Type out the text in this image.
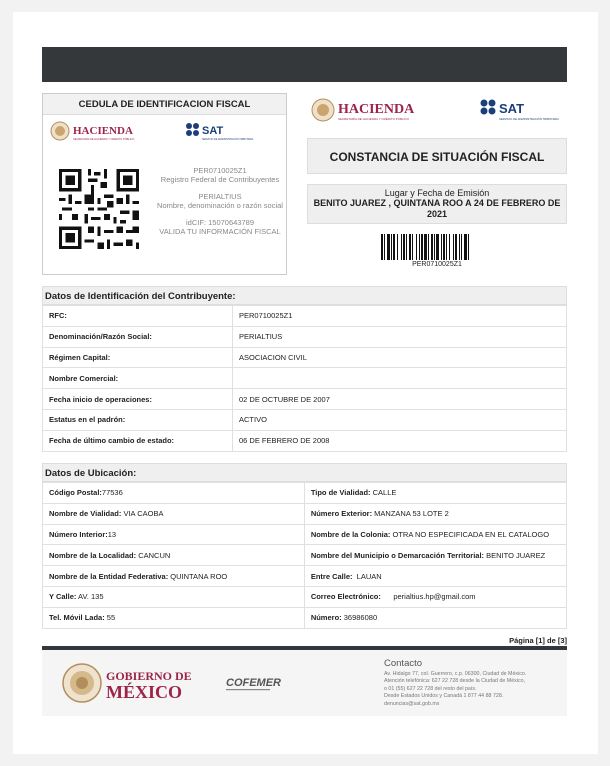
CEDULA DE IDENTIFICACION FISCAL
HACIENDA
SECRETARÍA DE HACIENDA Y CRÉDITO PÚBLICO
SAT
SERVICIO DE ADMINISTRACIÓN TRIBUTARIA
PER0710025Z1
Registro Federal de Contribuyentes
PERIALTIUS
Nombre, denominación o razón social
idCIF: 15070643789
VALIDA TU INFORMACIÓN FISCAL
HACIENDA
SECRETARÍA DE HACIENDA Y CRÉDITO PÚBLICO
SAT
SERVICIO DE ADMINISTRACIÓN TRIBUTARIA
CONSTANCIA DE SITUACIÓN FISCAL
Lugar y Fecha de Emisión
BENITO JUAREZ , QUINTANA ROO A 24 DE FEBRERO DE 2021
PER0710025Z1
Datos de Identificación del Contribuyente:
RFC:	PER0710025Z1
Denominación/Razón Social:	PERIALTIUS
Régimen Capital:	ASOCIACION CIVIL
Nombre Comercial:	
Fecha inicio de operaciones:	02 DE OCTUBRE DE 2007
Estatus en el padrón:	ACTIVO
Fecha de último cambio de estado:	06 DE FEBRERO DE 2008
Datos de Ubicación:
Código Postal:77536	Tipo de Vialidad: CALLE
Nombre de Vialidad: VIA CAOBA	Número Exterior: MANZANA 53 LOTE 2
Número Interior:13	Nombre de la Colonia: OTRA NO ESPECIFICADA EN EL CATALOGO
Nombre de la Localidad: CANCUN	Nombre del Municipio o Demarcación Territorial: BENITO JUAREZ
Nombre de la Entidad Federativa: QUINTANA ROO	Entre Calle:  LAUAN
Y Calle: AV. 135	Correo Electrónico:      perialtius.hp@gmail.com
Tel. Móvil Lada: 55	Número: 36986080
Página [1] de [3]
GOBIERNO DE
MÉXICO	COFEMER
Contacto
Av. Hidalgo 77, col. Guerrero, c.p. 06300, Ciudad de México.
Atención telefónica: 627 22 728 desde la Ciudad de México,
o 01 (55) 627 22 728 del resto del país.
Desde Estados Unidos y Canadá 1 877 44 88 728.
denuncias@sat.gob.mx
